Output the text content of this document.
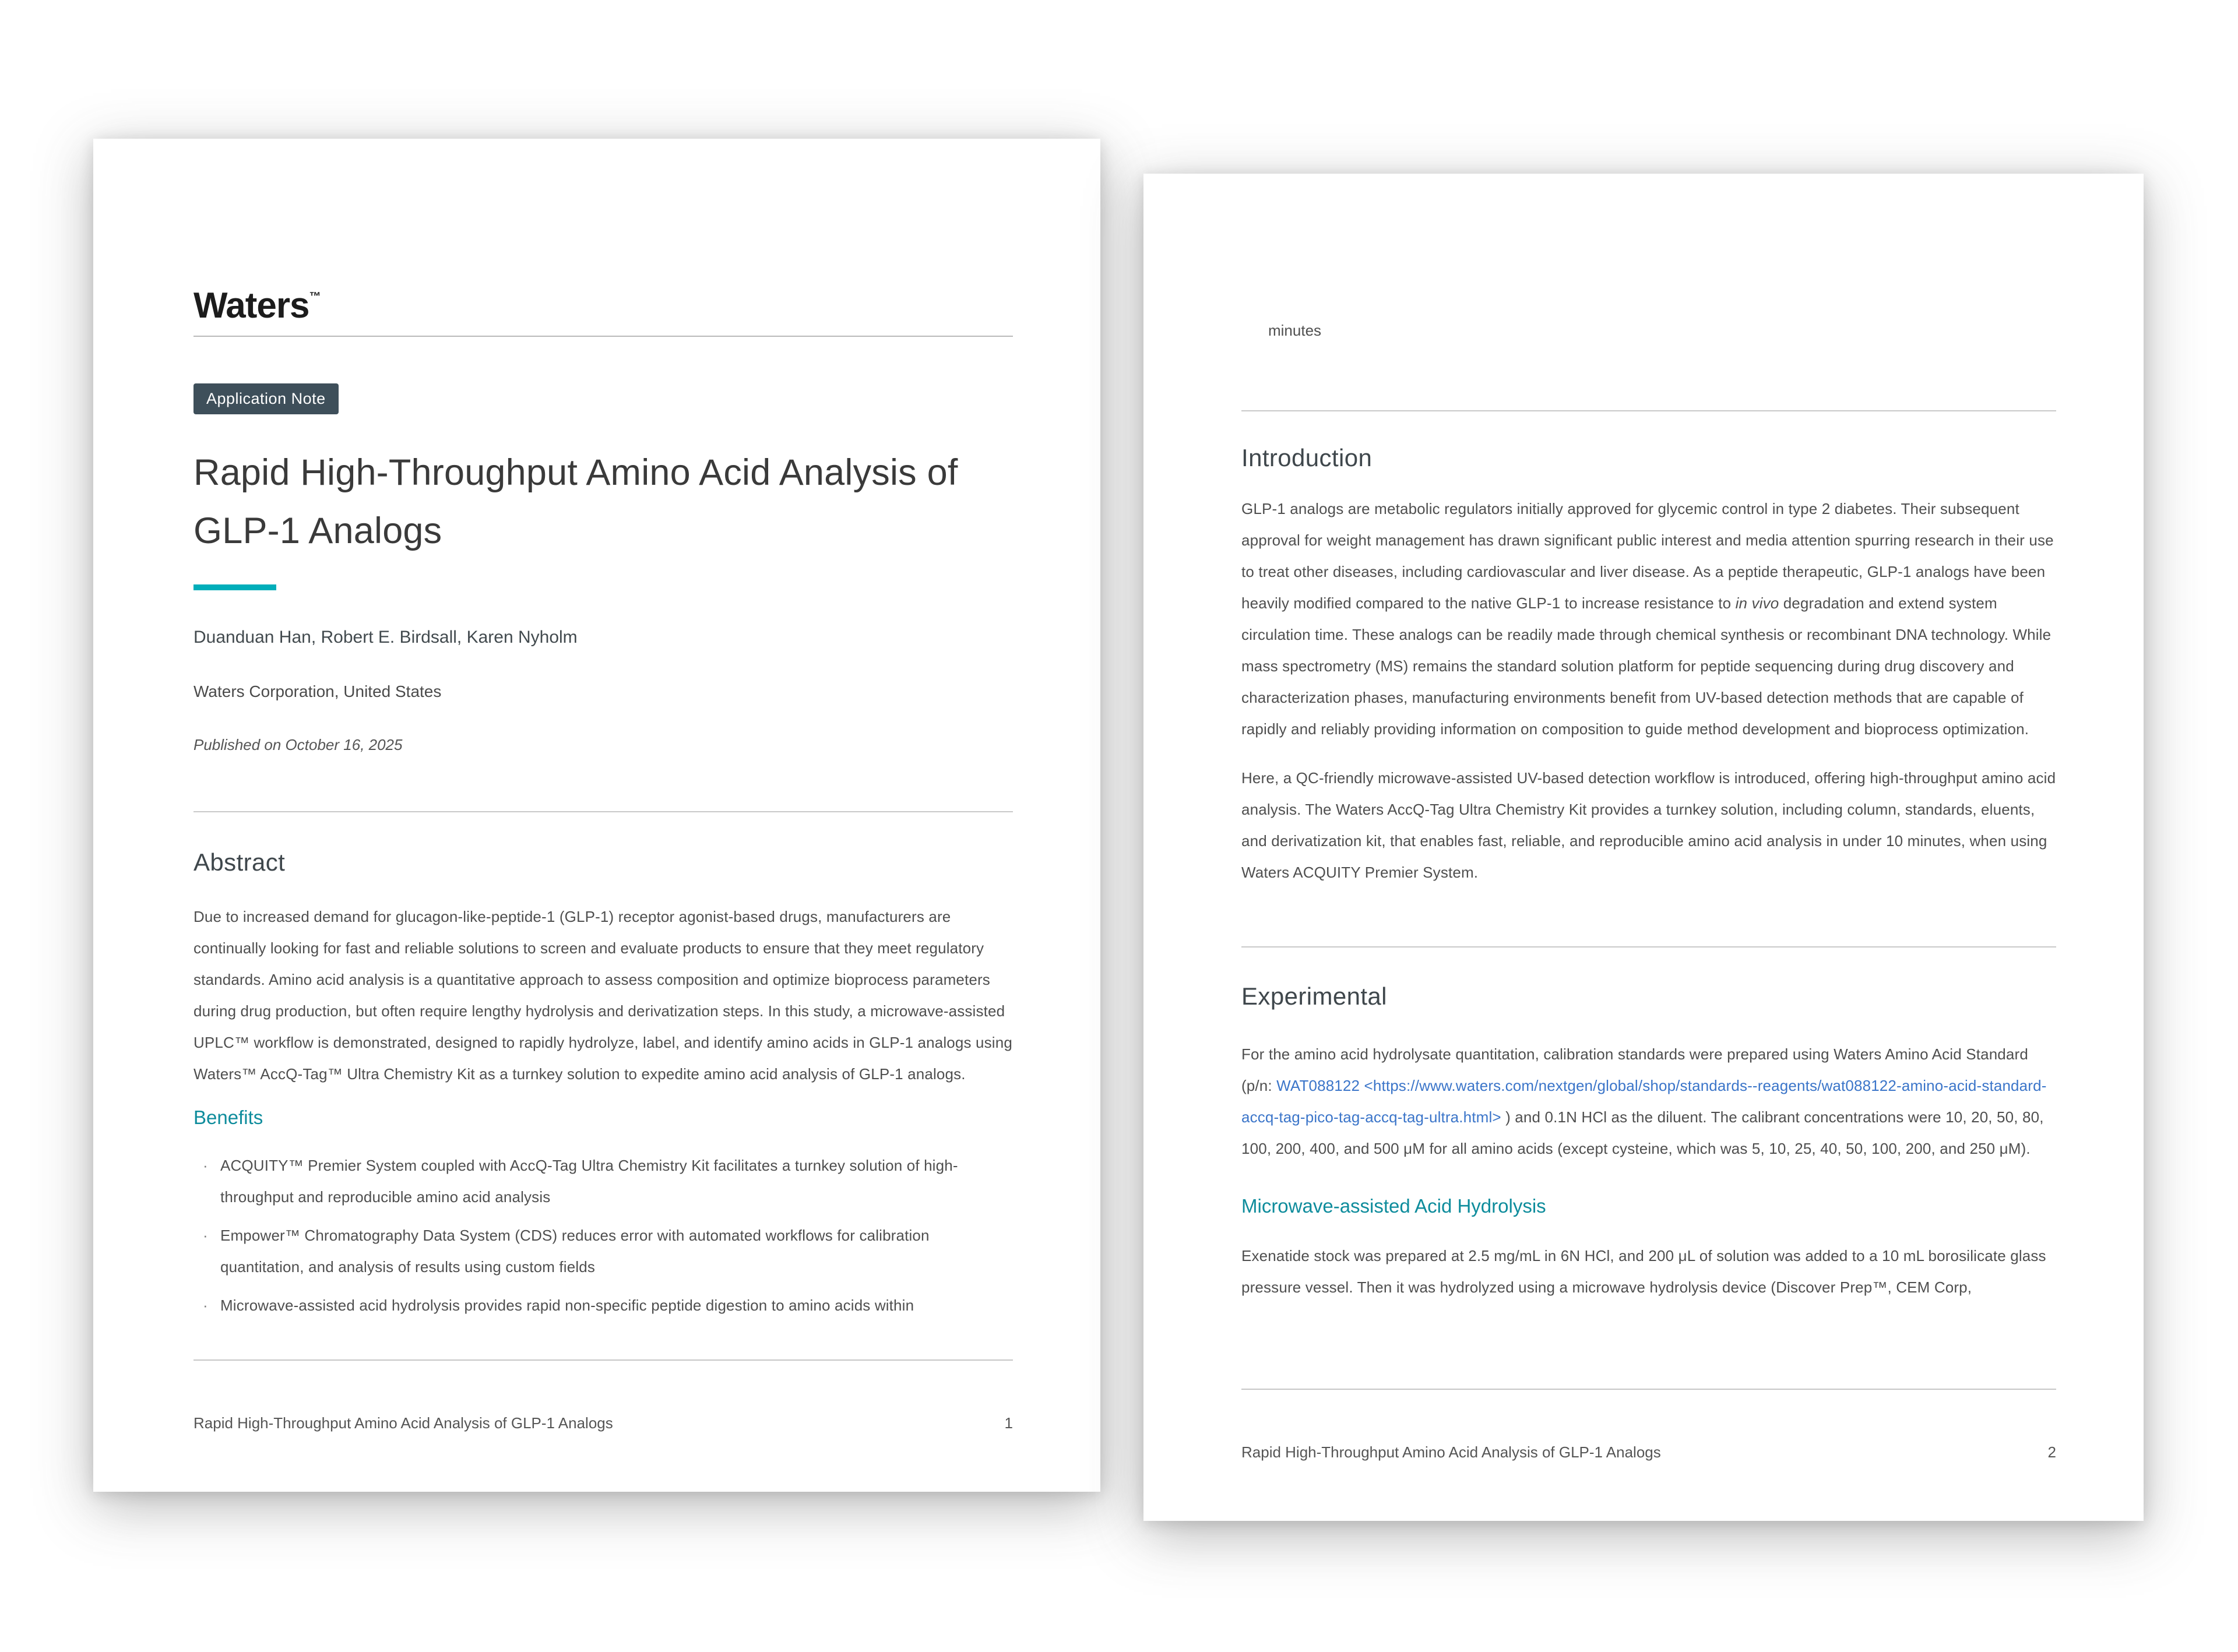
Waters™
Application Note
Rapid High-Throughput Amino Acid Analysis of GLP-1 Analogs
Duanduan Han, Robert E. Birdsall, Karen Nyholm
Waters Corporation, United States
Published on October 16, 2025
Abstract

Due to increased demand for glucagon-like-peptide-1 (GLP-1) receptor agonist-based drugs, manufacturers are continually looking for fast and reliable solutions to screen and evaluate products to ensure that they meet regulatory standards. Amino acid analysis is a quantitative approach to assess composition and optimize bioprocess parameters during drug production, but often require lengthy hydrolysis and derivatization steps. In this study, a microwave-assisted UPLC™ workflow is demonstrated, designed to rapidly hydrolyze, label, and identify amino acids in GLP-1 analogs using Waters™ AccQ-Tag™ Ultra Chemistry Kit as a turnkey solution to expedite amino acid analysis of GLP-1 analogs.

Benefits
· ACQUITY™ Premier System coupled with AccQ-Tag Ultra Chemistry Kit facilitates a turnkey solution of high-throughput and reproducible amino acid analysis
· Empower™ Chromatography Data System (CDS) reduces error with automated workflows for calibration quantitation, and analysis of results using custom fields
· Microwave-assisted acid hydrolysis provides rapid non-specific peptide digestion to amino acids within
Rapid High-Throughput Amino Acid Analysis of GLP-1 Analogs	1
minutes
Introduction

GLP-1 analogs are metabolic regulators initially approved for glycemic control in type 2 diabetes. Their subsequent approval for weight management has drawn significant public interest and media attention spurring research in their use to treat other diseases, including cardiovascular and liver disease. As a peptide therapeutic, GLP-1 analogs have been heavily modified compared to the native GLP-1 to increase resistance to in vivo degradation and extend system circulation time. These analogs can be readily made through chemical synthesis or recombinant DNA technology. While mass spectrometry (MS) remains the standard solution platform for peptide sequencing during drug discovery and characterization phases, manufacturing environments benefit from UV-based detection methods that are capable of rapidly and reliably providing information on composition to guide method development and bioprocess optimization.

Here, a QC-friendly microwave-assisted UV-based detection workflow is introduced, offering high-throughput amino acid analysis. The Waters AccQ-Tag Ultra Chemistry Kit provides a turnkey solution, including column, standards, eluents, and derivatization kit, that enables fast, reliable, and reproducible amino acid analysis in under 10 minutes, when using Waters ACQUITY Premier System.

Experimental

For the amino acid hydrolysate quantitation, calibration standards were prepared using Waters Amino Acid Standard (p/n: WAT088122 <https://www.waters.com/nextgen/global/shop/standards--reagents/wat088122-amino-acid-standard-accq-tag-pico-tag-accq-tag-ultra.html> ) and 0.1N HCl as the diluent. The calibrant concentrations were 10, 20, 50, 80, 100, 200, 400, and 500 μM for all amino acids (except cysteine, which was 5, 10, 25, 40, 50, 100, 200, and 250 μM).

Microwave-assisted Acid Hydrolysis

Exenatide stock was prepared at 2.5 mg/mL in 6N HCl, and 200 μL of solution was added to a 10 mL borosilicate glass pressure vessel. Then it was hydrolyzed using a microwave hydrolysis device (Discover Prep™, CEM Corp,

Rapid High-Throughput Amino Acid Analysis of GLP-1 Analogs	2
